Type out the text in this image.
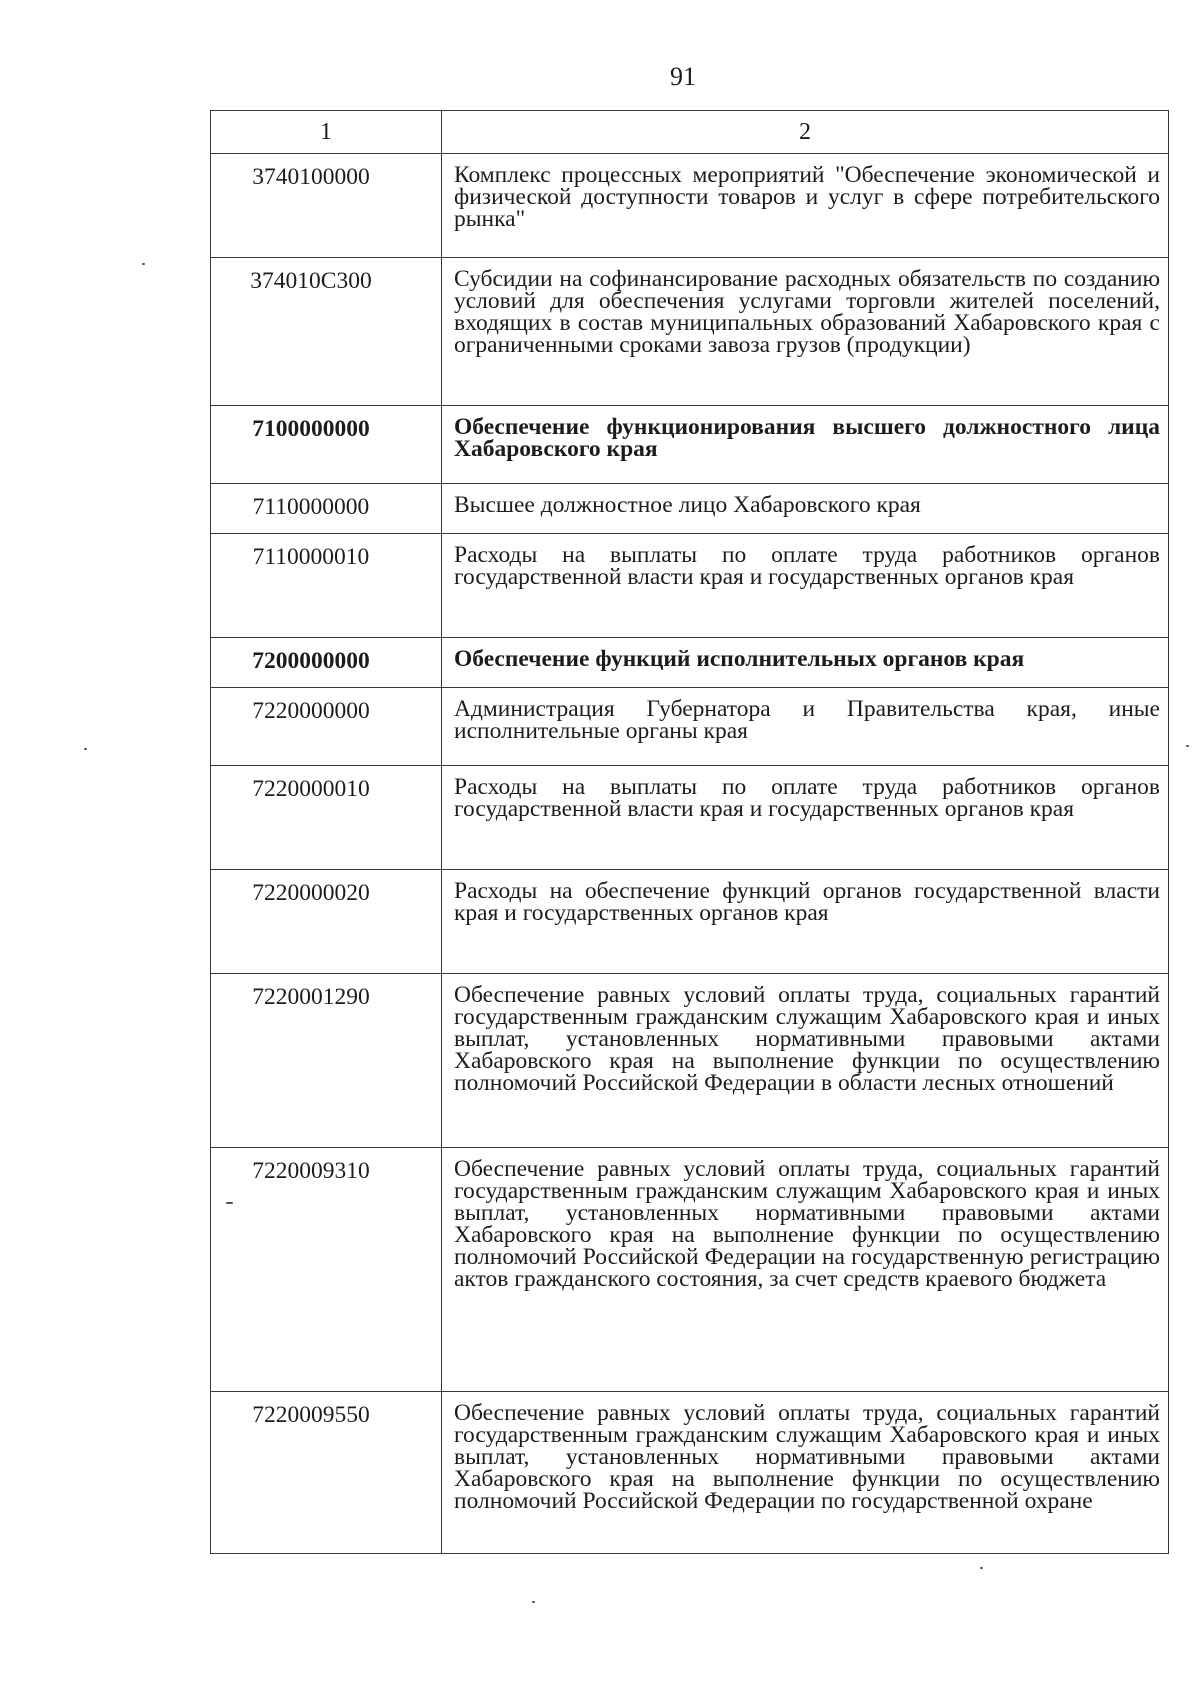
91
1	2
3740100000	Комплекс процессных мероприятий "Обеспечение экономической и физической доступности товаров и услуг в сфере потребительского рынка"
374010С300	Субсидии на софинансирование расходных обязательств по созданию условий для обеспечения услугами торговли жителей поселений, входящих в состав муниципальных образований Хабаровского края с ограниченными сроками завоза грузов (продукции)
7100000000	Обеспечение функционирования высшего должностного лица Хабаровского края
7110000000	Высшее должностное лицо Хабаровского края
7110000010	Расходы на выплаты по оплате труда работников органов государственной власти края и государственных органов края
7200000000	Обеспечение функций исполнительных органов края
7220000000	Администрация Губернатора и Правительства края, иные исполнительные органы края
7220000010	Расходы на выплаты по оплате труда работников органов государственной власти края и государственных органов края
7220000020	Расходы на обеспечение функций органов государственной власти края и государственных органов края
7220001290	Обеспечение равных условий оплаты труда, социальных гарантий государственным гражданским служащим Хабаровского края и иных выплат, установленных нормативными правовыми актами Хабаровского края на выполнение функции по осуществлению полномочий Российской Федерации в области лесных отношений
7220009310	Обеспечение равных условий оплаты труда, социальных гарантий государственным гражданским служащим Хабаровского края и иных выплат, установленных нормативными правовыми актами Хабаровского края на выполнение функции по осуществлению полномочий Российской Федерации на государственную регистрацию актов гражданского состояния, за счет средств краевого бюджета
7220009550	Обеспечение равных условий оплаты труда, социальных гарантий государственным гражданским служащим Хабаровского края и иных выплат, установленных нормативными правовыми актами Хабаровского края на выполнение функции по осуществлению полномочий Российской Федерации по государственной охране
